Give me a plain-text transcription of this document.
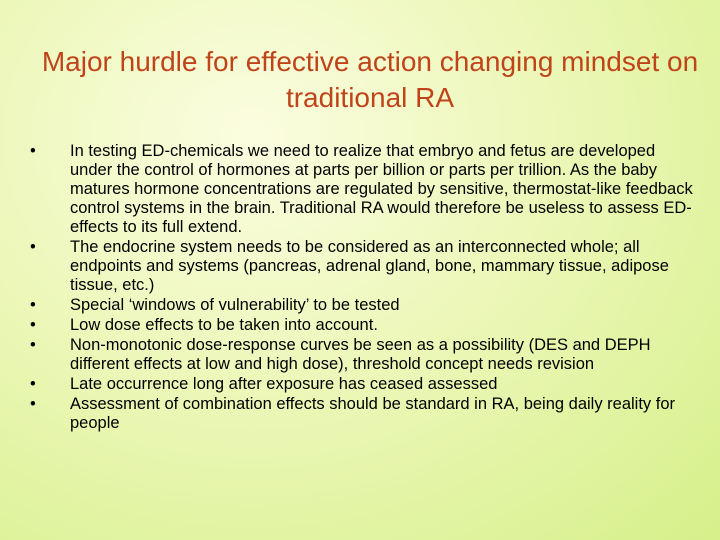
Major hurdle for effective action changing mindset on traditional RA
•	In testing ED-chemicals we need to realize that embryo and fetus are developed under the control of hormones at parts per billion or parts per trillion. As the baby matures hormone concentrations are regulated by sensitive, thermostat-like feedback control systems in the brain. Traditional RA would therefore be useless to assess ED-effects to its full extend.
•	The endocrine system needs to be considered as an interconnected whole; all endpoints and systems (pancreas, adrenal gland, bone, mammary tissue, adipose tissue, etc.)
•	Special ‘windows of vulnerability’ to be tested
•	Low dose effects to be taken into account.
•	Non-monotonic dose-response curves be seen as a possibility (DES and DEPH different effects at low and high dose), threshold concept needs revision
•	Late occurrence long after exposure has ceased assessed
•	Assessment of combination effects should be standard in RA, being daily reality for people
